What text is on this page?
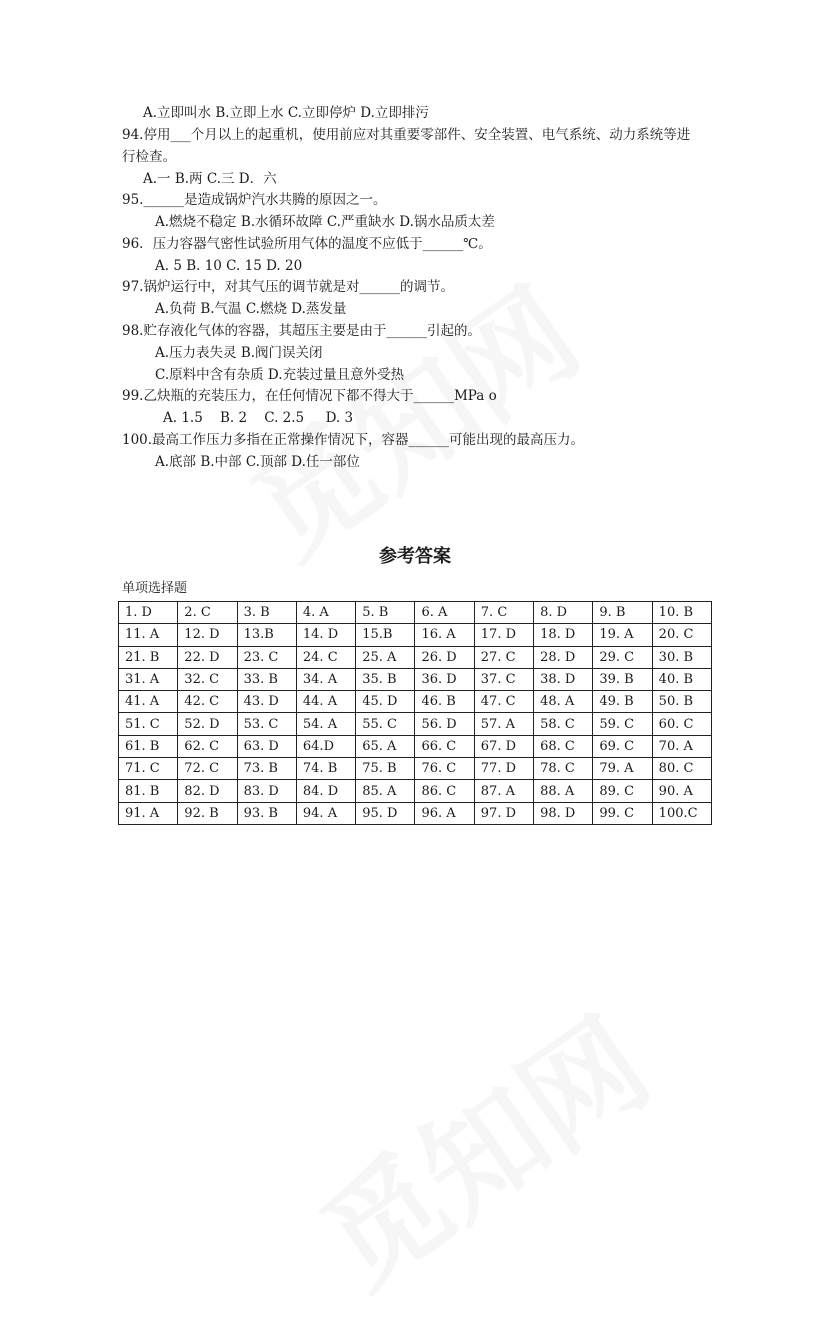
A.立即叫水 B.立即上水 C.立即停炉 D.立即排污
94.停用___个月以上的起重机，使用前应对其重要零部件、安全装置、电气系统、动力系统等进
行检查。
A.一 B.两 C.三 D．六
95.______是造成锅炉汽水共腾的原因之一。
A.燃烧不稳定 B.水循环故障 C.严重缺水 D.锅水品质太差
96．压力容器气密性试验所用气体的温度不应低于______℃。
A. 5 B. 10 C. 15 D. 20
97.锅炉运行中，对其气压的调节就是对______的调节。
A.负荷 B.气温 C.燃烧 D.蒸发量
98.贮存液化气体的容器，其超压主要是由于______引起的。
A.压力表失灵 B.阀门误关闭
C.原料中含有杂质 D.充装过量且意外受热
99.乙炔瓶的充装压力，在任何情况下都不得大于______MPa o
A. 1.5    B. 2    C. 2.5     D. 3
100.最高工作压力多指在正常操作情况下，容器______可能出现的最高压力。
A.底部 B.中部 C.顶部 D.任一部位
参考答案
单项选择题
1. D	2. C	3. B	4. A	5. B	6. A	7. C	8. D	9. B	10. B
11. A	12. D	13.B	14. D	15.B	16. A	17. D	18. D	19. A	20. C
21. B	22. D	23. C	24. C	25. A	26. D	27. C	28. D	29. C	30. B
31. A	32. C	33. B	34. A	35. B	36. D	37. C	38. D	39. B	40. B
41. A	42. C	43. D	44. A	45. D	46. B	47. C	48. A	49. B	50. B
51. C	52. D	53. C	54. A	55. C	56. D	57. A	58. C	59. C	60. C
61. B	62. C	63. D	64.D	65. A	66. C	67. D	68. C	69. C	70. A
71. C	72. C	73. B	74. B	75. B	76. C	77. D	78. C	79. A	80. C
81. B	82. D	83. D	84. D	85. A	86. C	87. A	88. A	89. C	90. A
91. A	92. B	93. B	94. A	95. D	96. A	97. D	98. D	99. C	100.C
